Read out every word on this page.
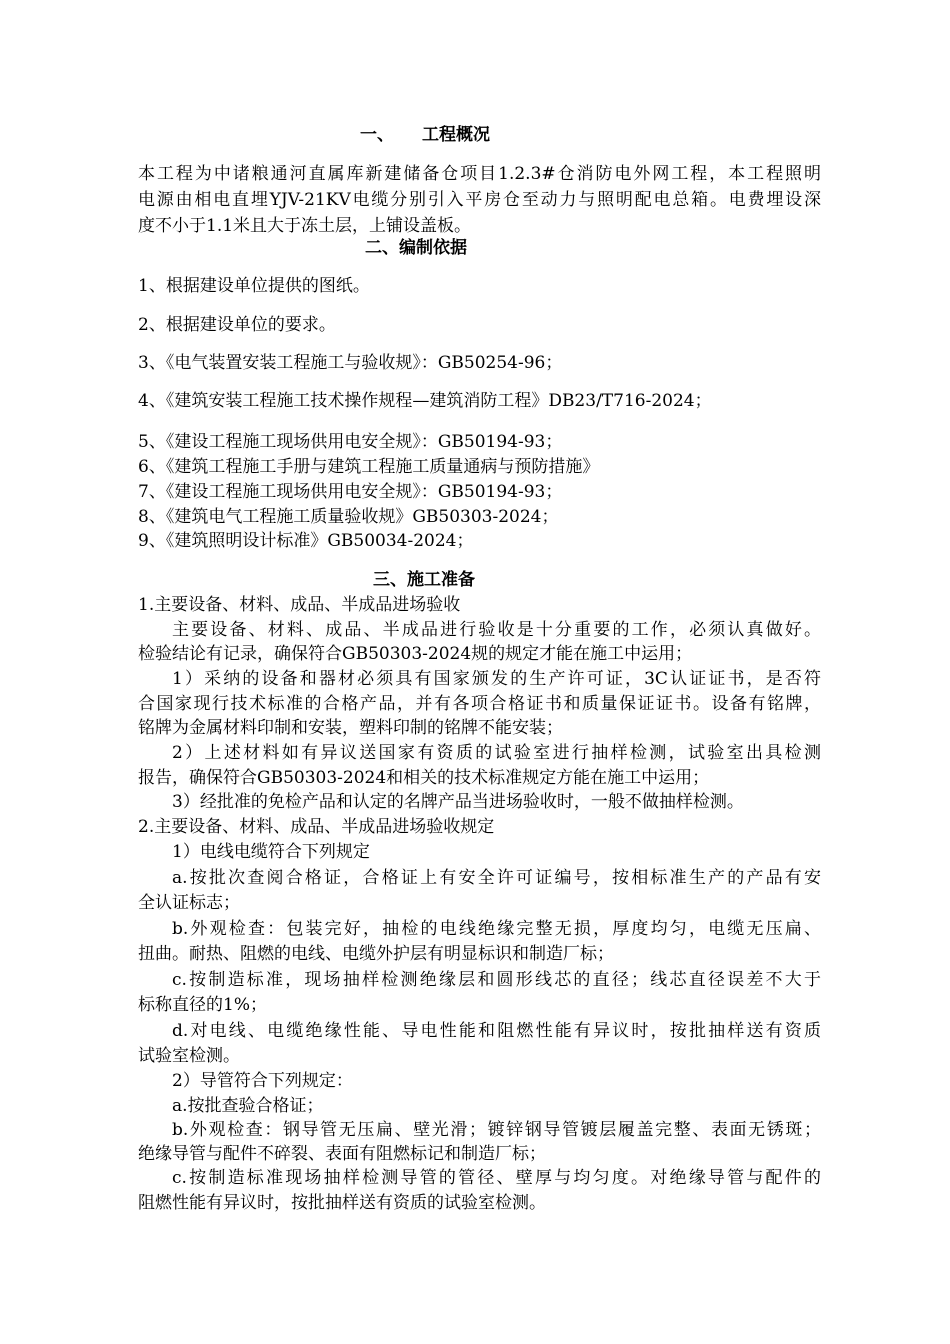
一、 工程概况
本工程为中诸粮通河直属库新建储备仓项目1.2.3#仓消防电外网工程，本工程照明
电源由相电直埋YJV-21KV电缆分别引入平房仓至动力与照明配电总箱。电费埋设深
度不小于1.1米且大于冻土层，上铺设盖板。
二、编制依据
1、根据建设单位提供的图纸。
2、根据建设单位的要求。
3、《电气装置安装工程施工与验收规》：GB50254-96；
4、《建筑安装工程施工技术操作规程—建筑消防工程》DB23/T716-2024；
5、《建设工程施工现场供用电安全规》：GB50194-93；
6、《建筑工程施工手册与建筑工程施工质量通病与预防措施》
7、《建设工程施工现场供用电安全规》：GB50194-93；
8、《建筑电气工程施工质量验收规》GB50303-2024；
9、《建筑照明设计标准》GB50034-2024；
三、施工准备
1.主要设备、材料、成品、半成品进场验收
主要设备、材料、成品、半成品进行验收是十分重要的工作，必须认真做好。
检验结论有记录，确保符合GB50303-2024规的规定才能在施工中运用；
1）采纳的设备和器材必须具有国家颁发的生产许可证，3C认证证书，是否符
合国家现行技术标准的合格产品，并有各项合格证书和质量保证证书。设备有铭牌，
铭牌为金属材料印制和安装，塑料印制的铭牌不能安装；
2）上述材料如有异议送国家有资质的试验室进行抽样检测，试验室出具检测
报告，确保符合GB50303-2024和相关的技术标准规定方能在施工中运用；
3）经批准的免检产品和认定的名牌产品当进场验收时，一般不做抽样检测。
2.主要设备、材料、成品、半成品进场验收规定
1）电线电缆符合下列规定
a.按批次查阅合格证，合格证上有安全许可证编号，按相标准生产的产品有安
全认证标志；
b.外观检查：包装完好，抽检的电线绝缘完整无损，厚度均匀，电缆无压扁、
扭曲。耐热、阻燃的电线、电缆外护层有明显标识和制造厂标；
c.按制造标准，现场抽样检测绝缘层和圆形线芯的直径；线芯直径误差不大于
标称直径的1%；
d.对电线、电缆绝缘性能、导电性能和阻燃性能有异议时，按批抽样送有资质
试验室检测。
2）导管符合下列规定：
a.按批查验合格证；
b.外观检查：钢导管无压扁、壁光滑；镀锌钢导管镀层履盖完整、表面无锈斑；
绝缘导管与配件不碎裂、表面有阻燃标记和制造厂标；
c.按制造标准现场抽样检测导管的管径、壁厚与均匀度。对绝缘导管与配件的
阻燃性能有异议时，按批抽样送有资质的试验室检测。
